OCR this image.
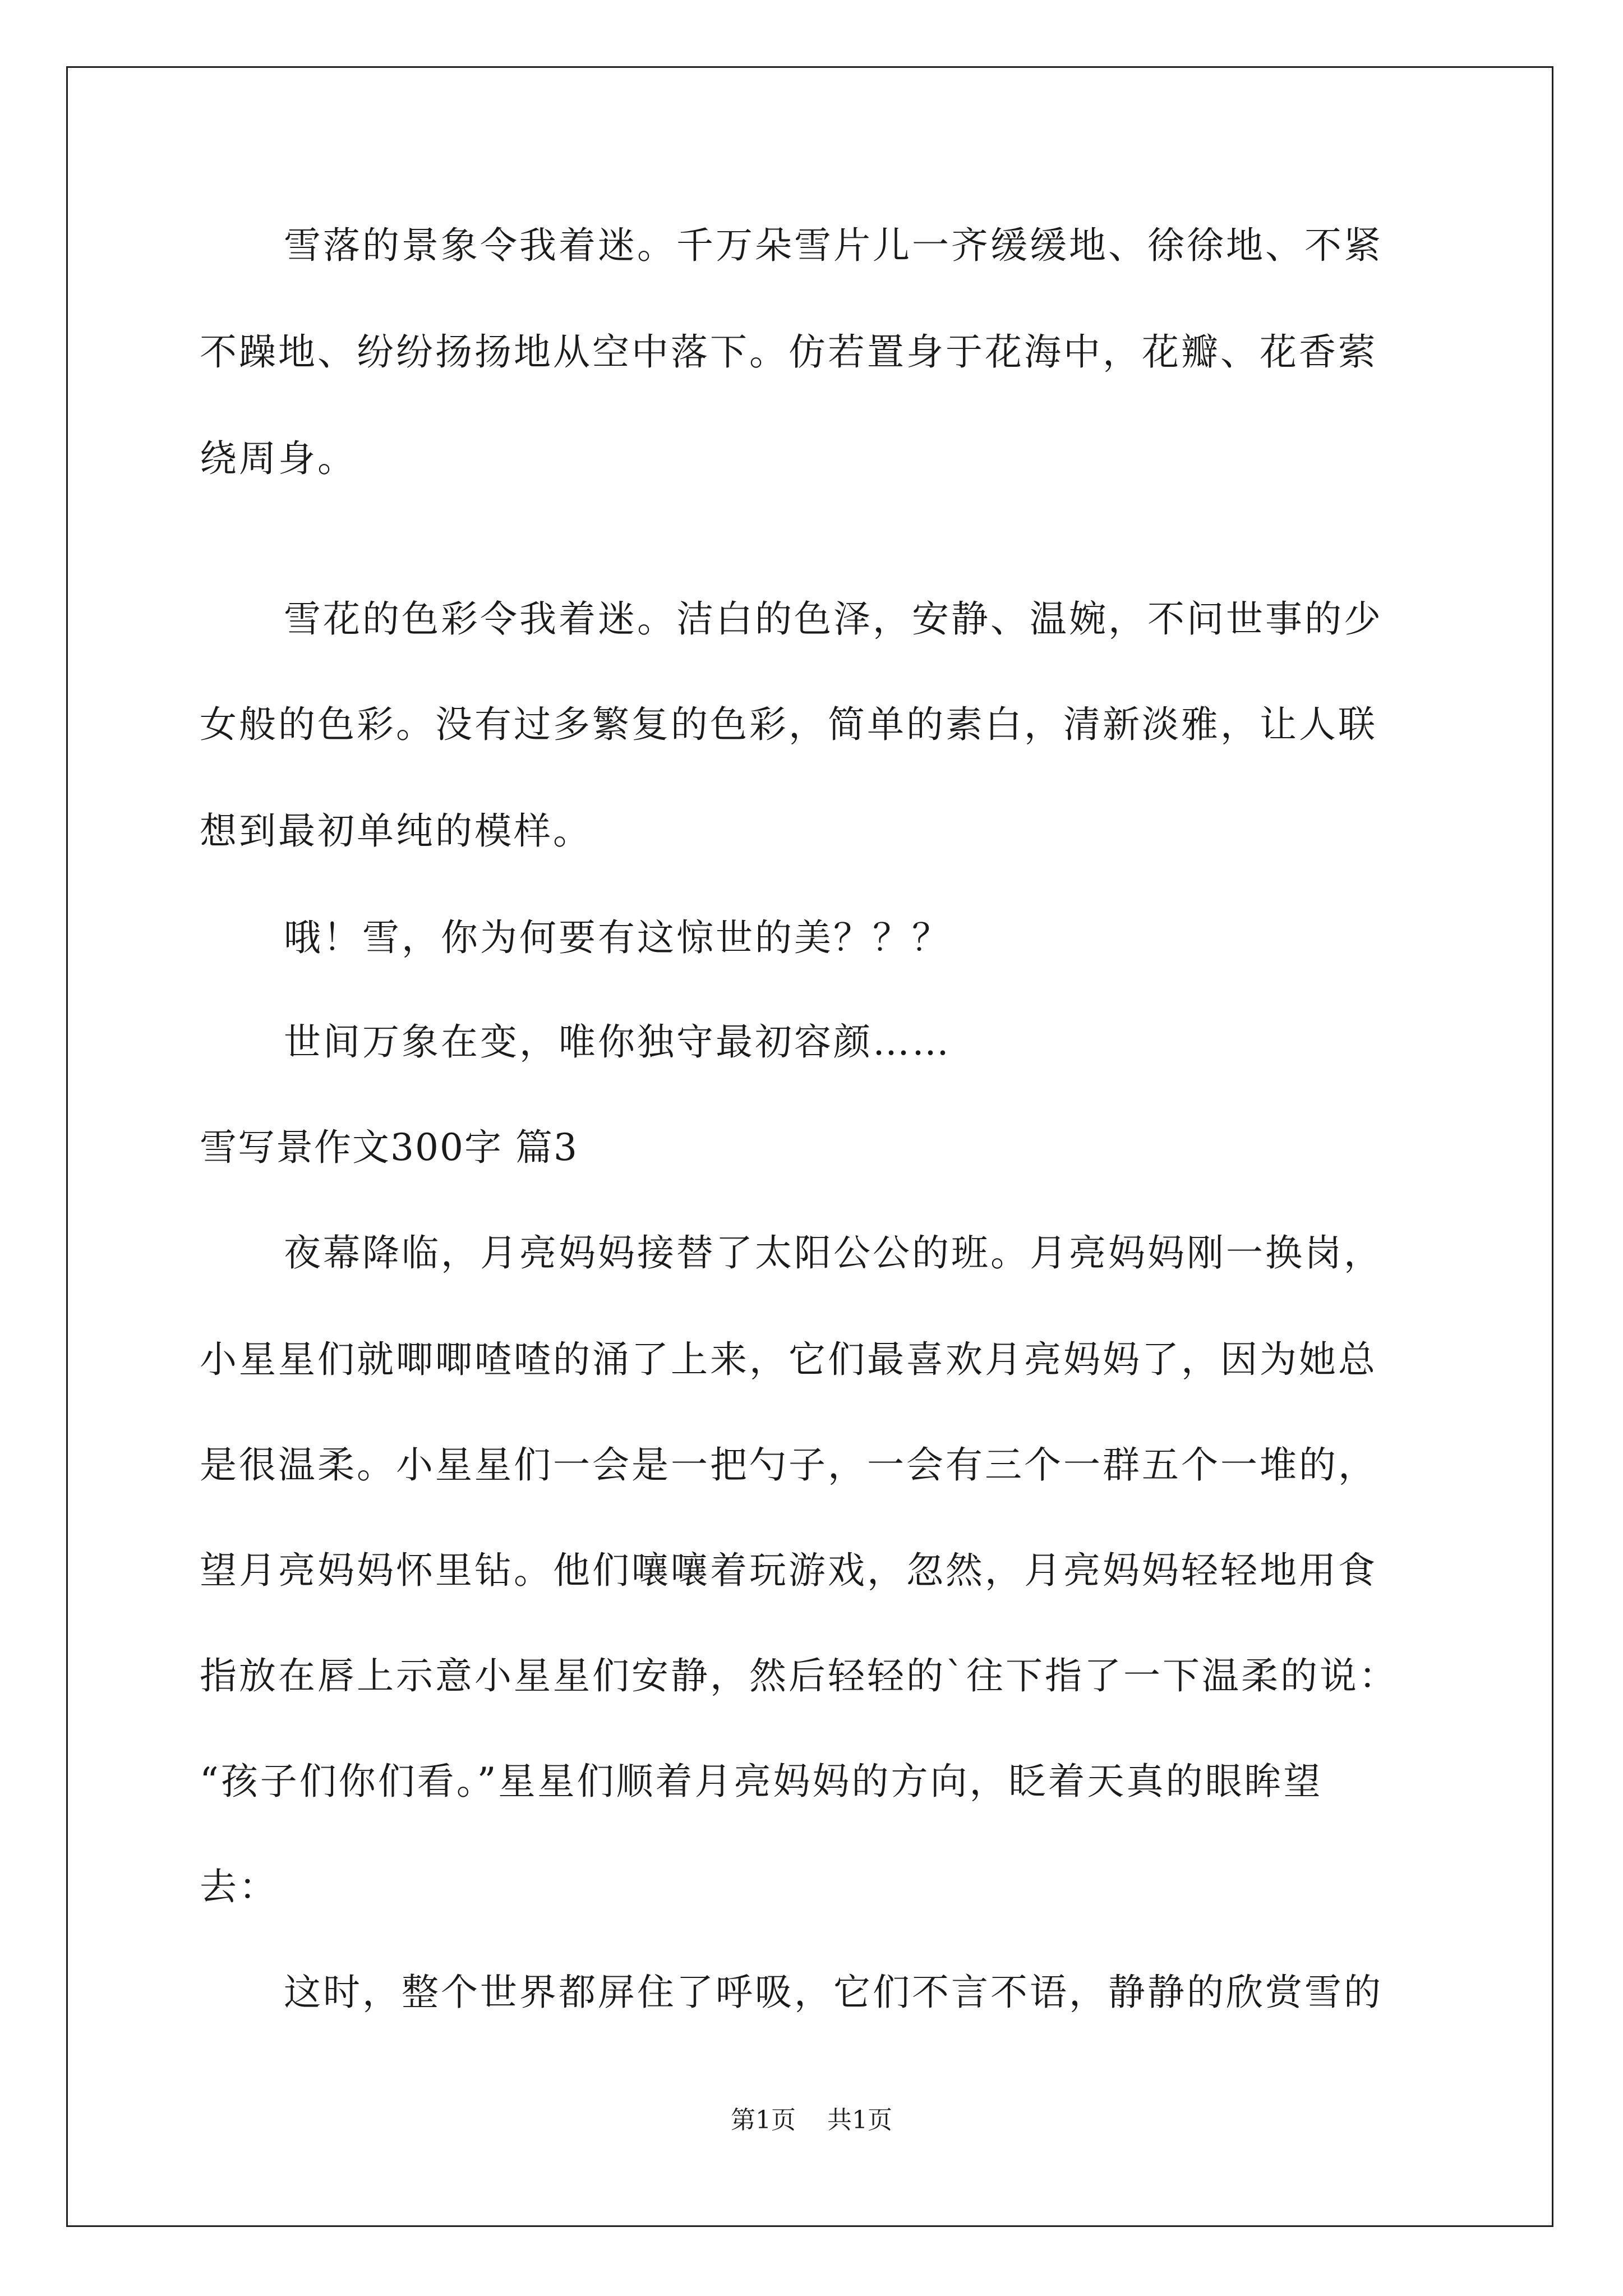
雪落的景象令我着迷。千万朵雪片儿一齐缓缓地、徐徐地、不紧

不躁地、纷纷扬扬地从空中落下。仿若置身于花海中，花瓣、花香萦

绕周身。

雪花的色彩令我着迷。洁白的色泽，安静、温婉，不问世事的少

女般的色彩。没有过多繁复的色彩，简单的素白，清新淡雅，让人联

想到最初单纯的模样。

哦！雪，你为何要有这惊世的美？？？

世间万象在变，唯你独守最初容颜……

雪写景作文300字 篇3

夜幕降临，月亮妈妈接替了太阳公公的班。月亮妈妈刚一换岗，

小星星们就唧唧喳喳的涌了上来，它们最喜欢月亮妈妈了，因为她总

是很温柔。小星星们一会是一把勺子，一会有三个一群五个一堆的，

望月亮妈妈怀里钻。他们嚷嚷着玩游戏，忽然，月亮妈妈轻轻地用食

指放在唇上示意小星星们安静，然后轻轻的`往下指了一下温柔的说：

“孩子们你们看。”星星们顺着月亮妈妈的方向，眨着天真的眼眸望

去：

这时，整个世界都屏住了呼吸，它们不言不语，静静的欣赏雪的

第1页    共1页
